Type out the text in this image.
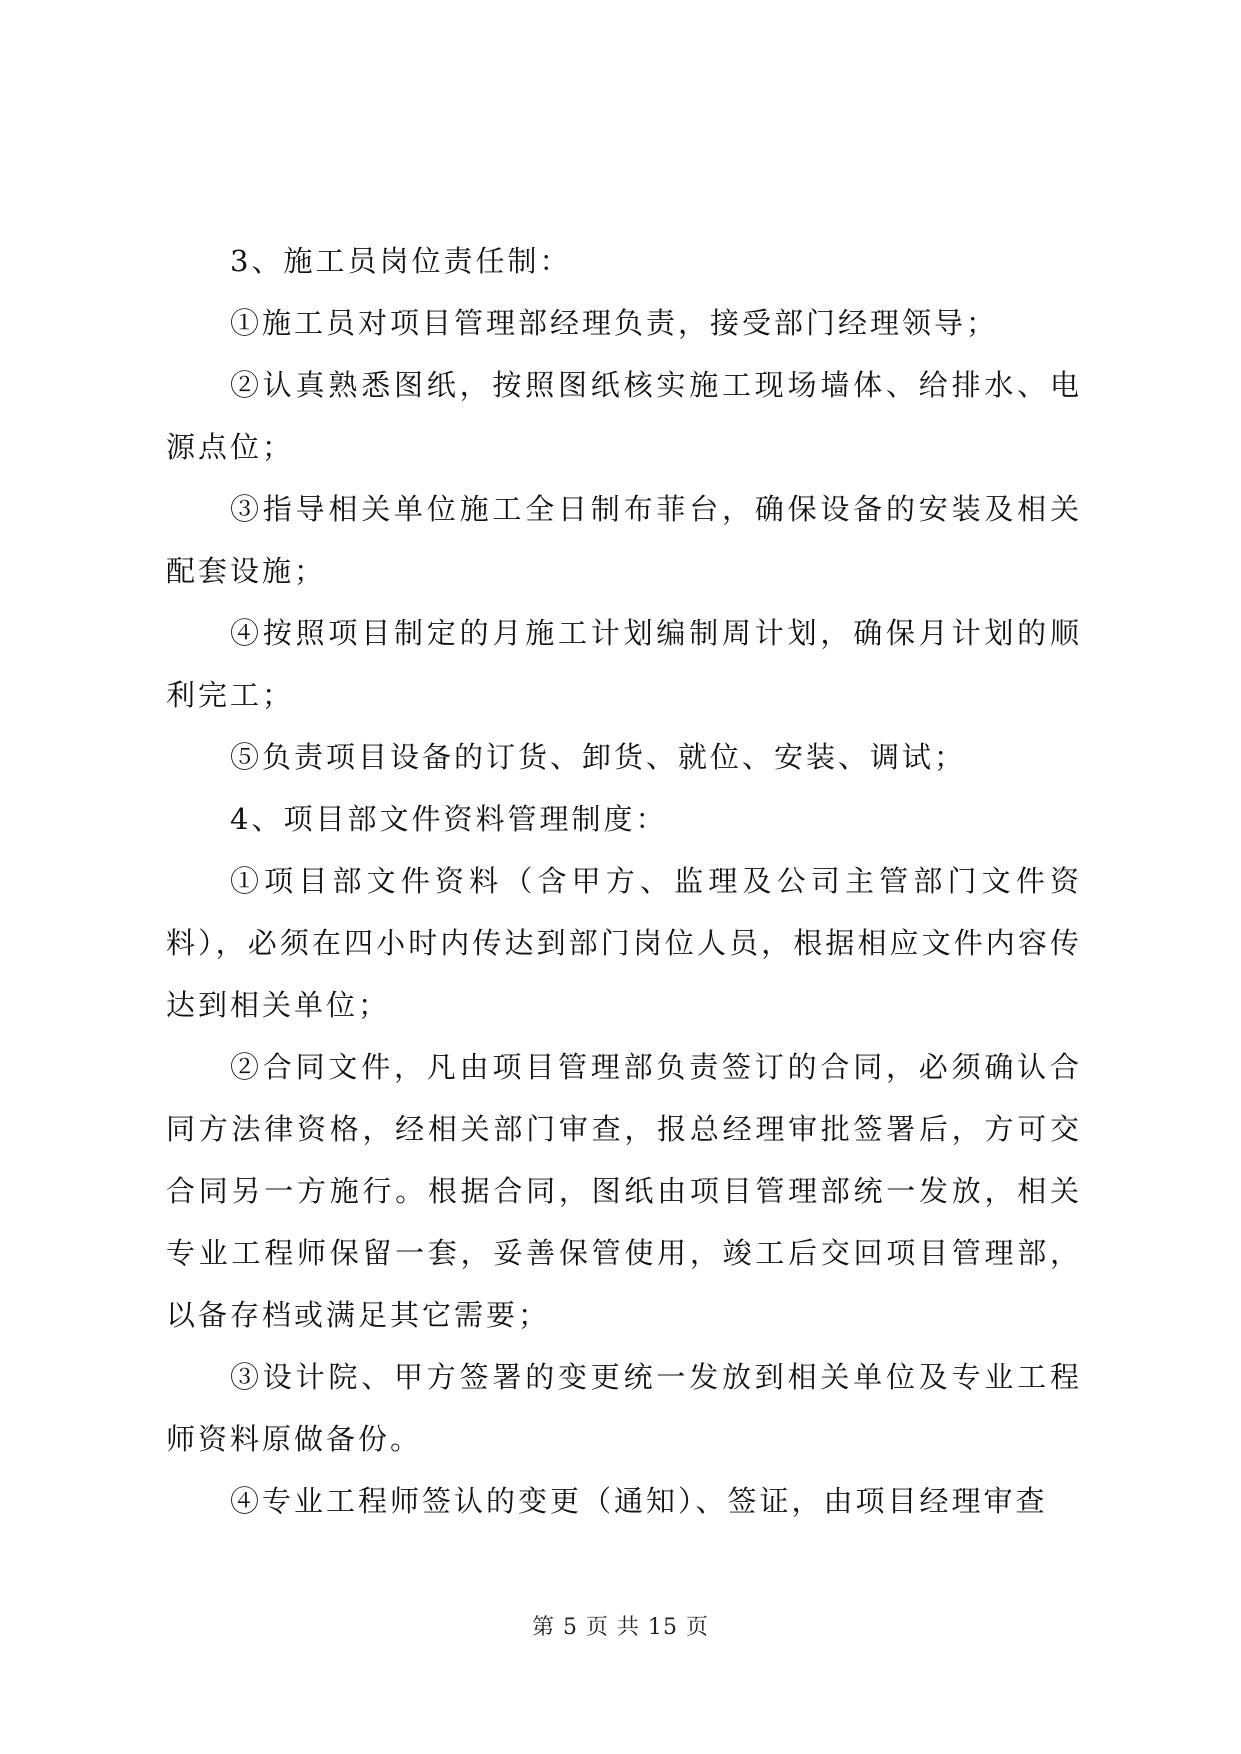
3、施工员岗位责任制：

①施工员对项目管理部经理负责，接受部门经理领导；

②认真熟悉图纸，按照图纸核实施工现场墙体、给排水、电源点位；

③指导相关单位施工全日制布菲台，确保设备的安装及相关配套设施；

④按照项目制定的月施工计划编制周计划，确保月计划的顺利完工；

⑤负责项目设备的订货、卸货、就位、安装、调试；

4、项目部文件资料管理制度：

①项目部文件资料（含甲方、监理及公司主管部门文件资料），必须在四小时内传达到部门岗位人员，根据相应文件内容传达到相关单位；

②合同文件，凡由项目管理部负责签订的合同，必须确认合同方法律资格，经相关部门审查，报总经理审批签署后，方可交合同另一方施行。根据合同，图纸由项目管理部统一发放，相关专业工程师保留一套，妥善保管使用，竣工后交回项目管理部，以备存档或满足其它需要；

③设计院、甲方签署的变更统一发放到相关单位及专业工程师资料原做备份。

④专业工程师签认的变更（通知）、签证，由项目经理审查

第 5 页 共 15 页
